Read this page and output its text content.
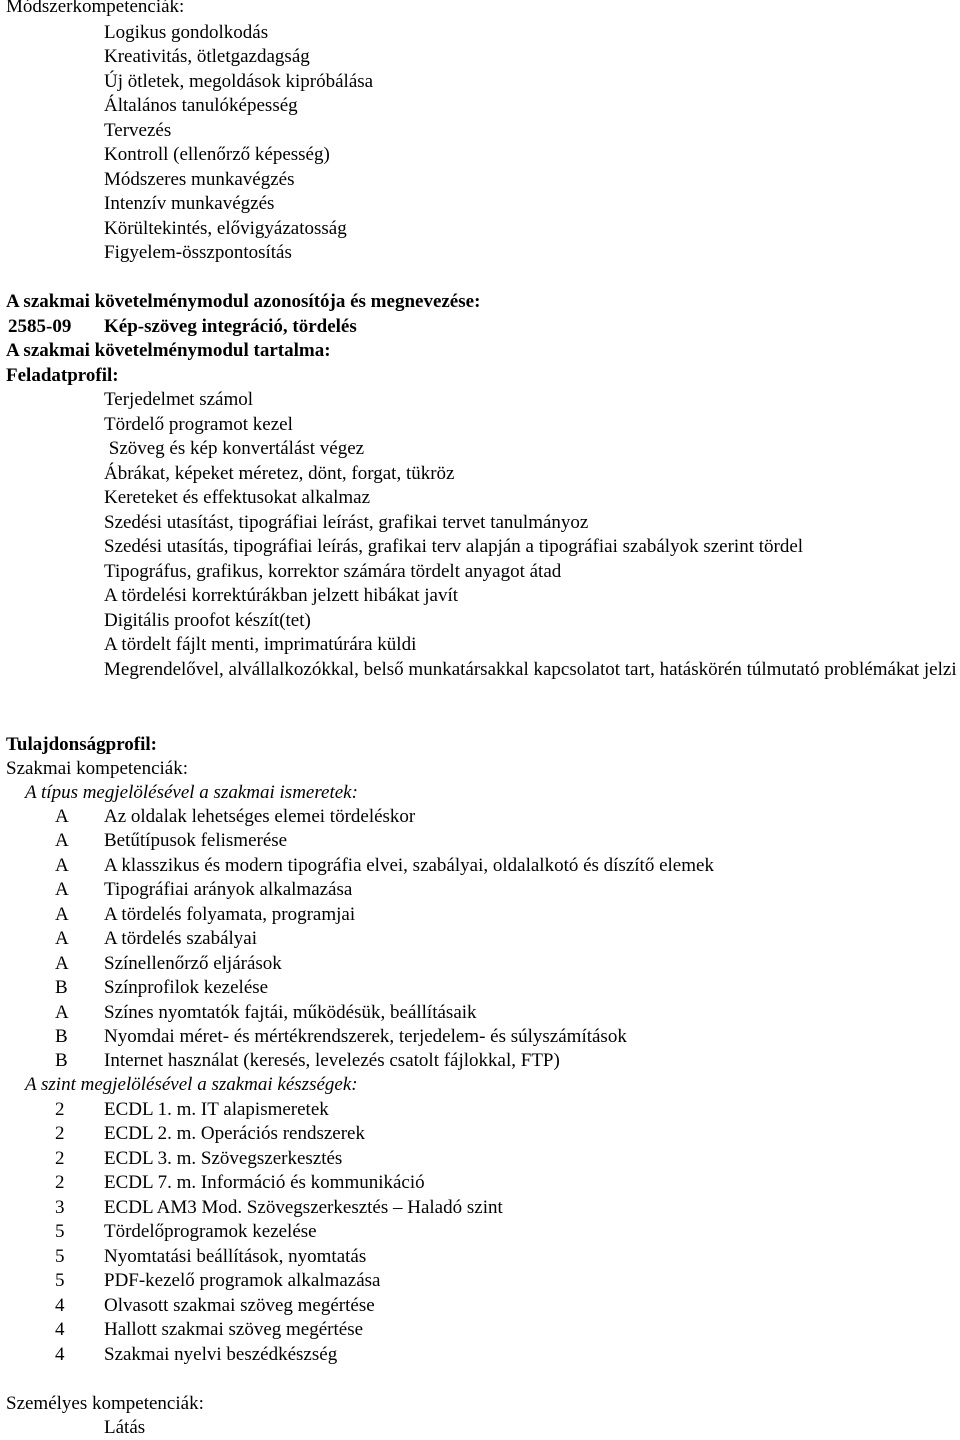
Módszerkompetenciák:
Logikus gondolkodás
Kreativitás, ötletgazdagság
Új ötletek, megoldások kipróbálása
Általános tanulóképesség
Tervezés
Kontroll (ellenőrző képesség)
Módszeres munkavégzés
Intenzív munkavégzés
Körültekintés, elővigyázatosság
Figyelem-összpontosítás
A szakmai követelménymodul azonosítója és megnevezése:
2585-09 Kép-szöveg integráció, tördelés
A szakmai követelménymodul tartalma:
Feladatprofil:
Terjedelmet számol
Tördelő programot kezel
Szöveg és kép konvertálást végez
Ábrákat, képeket méretez, dönt, forgat, tükröz
Kereteket és effektusokat alkalmaz
Szedési utasítást, tipográfiai leírást, grafikai tervet tanulmányoz
Szedési utasítás, tipográfiai leírás, grafikai terv alapján a tipográfiai szabályok szerint tördel
Tipográfus, grafikus, korrektor számára tördelt anyagot átad
A tördelési korrektúrákban jelzett hibákat javít
Digitális proofot készít(tet)
A tördelt fájlt menti, imprimatúrára küldi
Megrendelővel, alvállalkozókkal, belső munkatársakkal kapcsolatot tart, hatáskörén túlmutató problémákat jelzi
Tulajdonságprofil:
Szakmai kompetenciák:
A típus megjelölésével a szakmai ismeretek:
A	Az oldalak lehetséges elemei tördeléskor
A	Betűtípusok felismerése
A	A klasszikus és modern tipográfia elvei, szabályai, oldalalkotó és díszítő elemek
A	Tipográfiai arányok alkalmazása
A	A tördelés folyamata, programjai
A	A tördelés szabályai
A	Színellenőrző eljárások
B	Színprofilok kezelése
A	Színes nyomtatók fajtái, működésük, beállításaik
B	Nyomdai méret- és mértékrendszerek, terjedelem- és súlyszámítások
B	Internet használat (keresés, levelezés csatolt fájlokkal, FTP)
A szint megjelölésével a szakmai készségek:
2	ECDL 1. m. IT alapismeretek
2	ECDL 2. m. Operációs rendszerek
2	ECDL 3. m. Szövegszerkesztés
2	ECDL 7. m. Információ és kommunikáció
3	ECDL AM3 Mod. Szövegszerkesztés – Haladó szint
5	Tördelőprogramok kezelése
5	Nyomtatási beállítások, nyomtatás
5	PDF-kezelő programok alkalmazása
4	Olvasott szakmai szöveg megértése
4	Hallott szakmai szöveg megértése
4	Szakmai nyelvi beszédkészség
Személyes kompetenciák:
Látás
